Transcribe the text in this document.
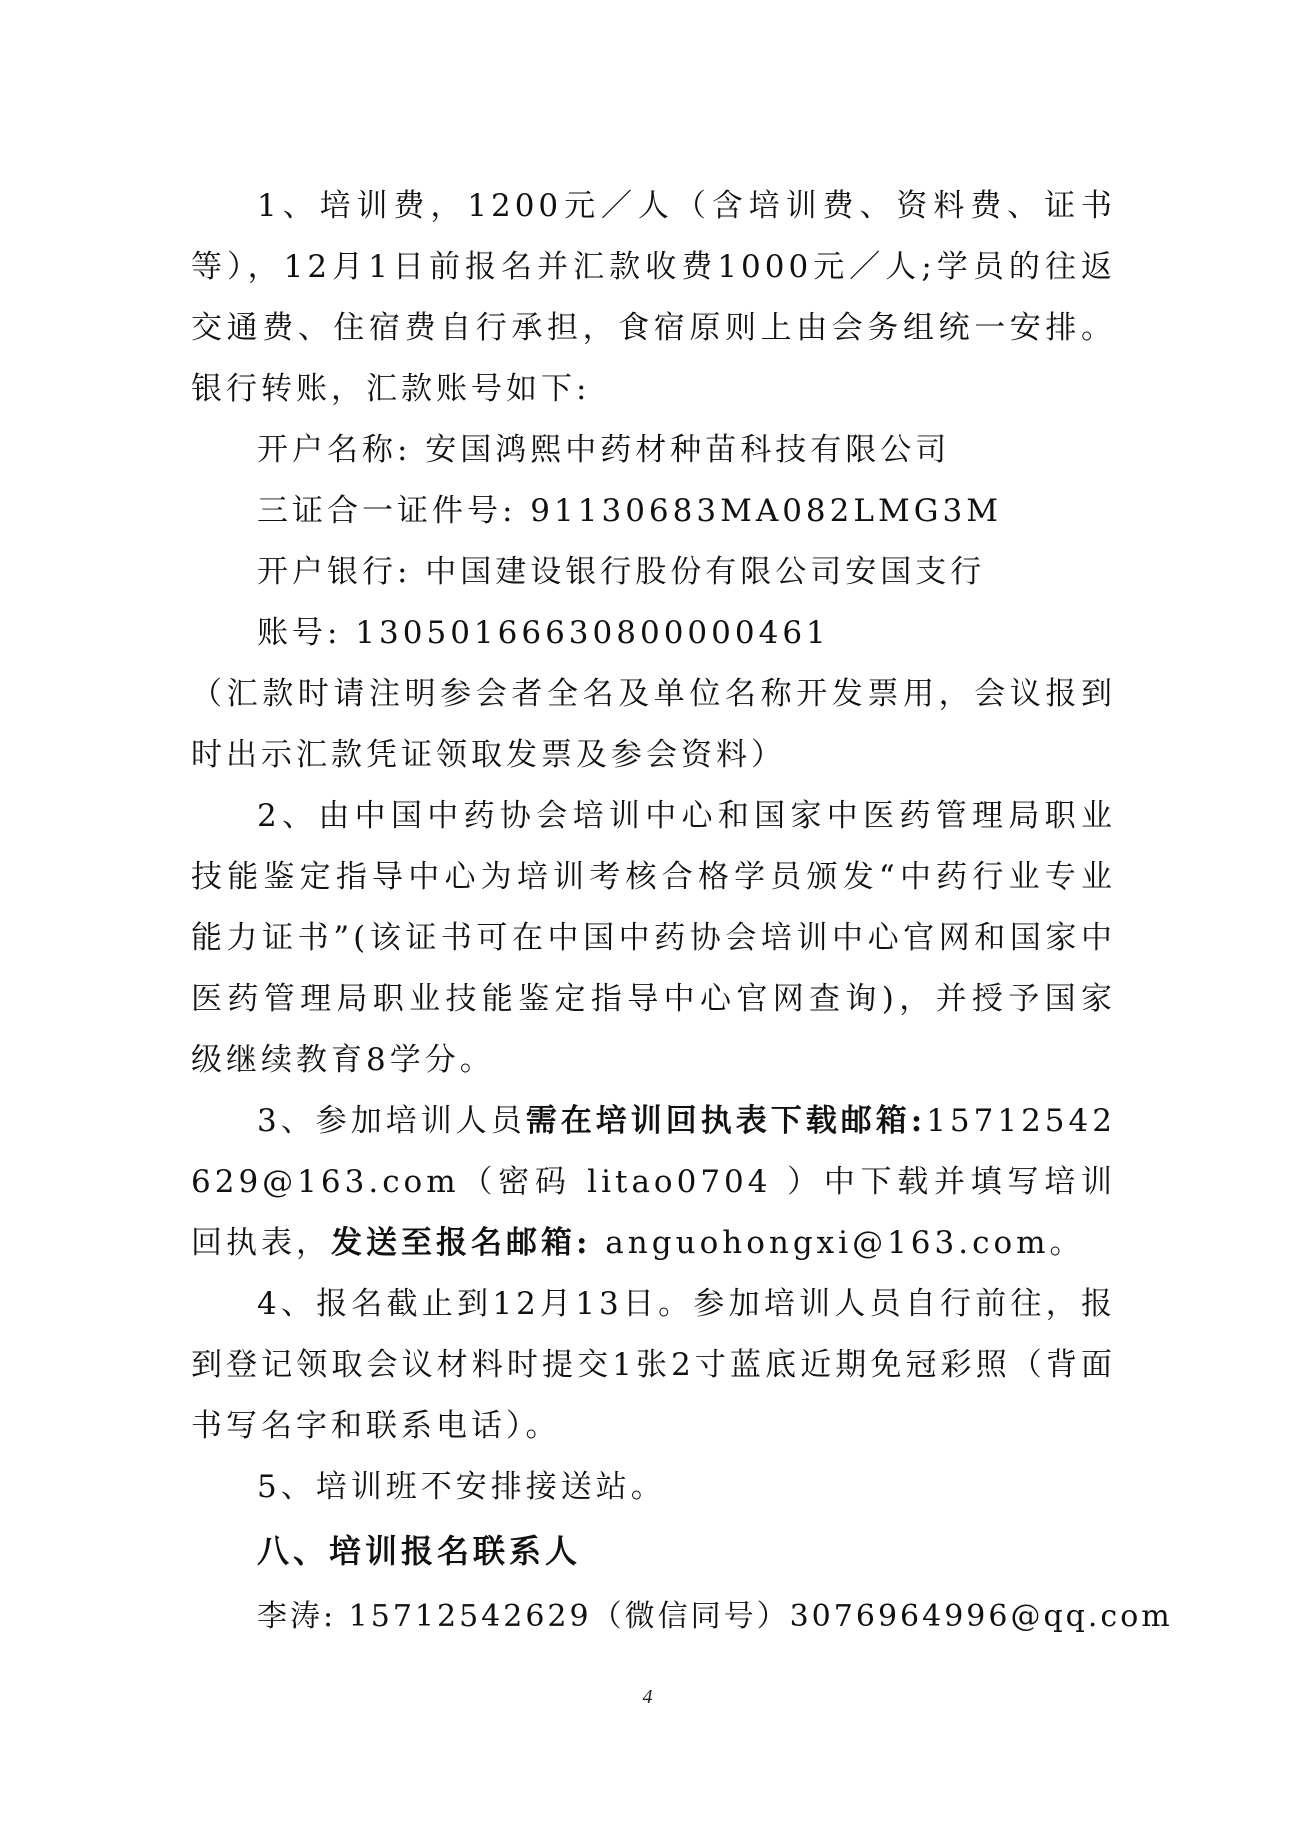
1、培训费，1200元／人（含培训费、资料费、证书等），12月1日前报名并汇款收费1000元／人;学员的往返交通费、住宿费自行承担，食宿原则上由会务组统一安排。银行转账，汇款账号如下:

开户名称: 安国鸿熙中药材种苗科技有限公司

三证合一证件号: 91130683MA082LMG3M

开户银行: 中国建设银行股份有限公司安国支行

账号: 13050166630800000461

（汇款时请注明参会者全名及单位名称开发票用，会议报到时出示汇款凭证领取发票及参会资料）

2、由中国中药协会培训中心和国家中医药管理局职业技能鉴定指导中心为培训考核合格学员颁发“中药行业专业能力证书”(该证书可在中国中药协会培训中心官网和国家中医药管理局职业技能鉴定指导中心官网查询)，并授予国家级继续教育8学分。

3、参加培训人员需在培训回执表下载邮箱:15712542629@163.com（密码 litao0704 ）中下载并填写培训回执表，发送至报名邮箱: anguohongxi@163.com。

4、报名截止到12月13日。参加培训人员自行前往，报到登记领取会议材料时提交1张2寸蓝底近期免冠彩照（背面书写名字和联系电话）。

5、培训班不安排接送站。

八、培训报名联系人

李涛: 15712542629（微信同号）3076964996@qq.com

4
